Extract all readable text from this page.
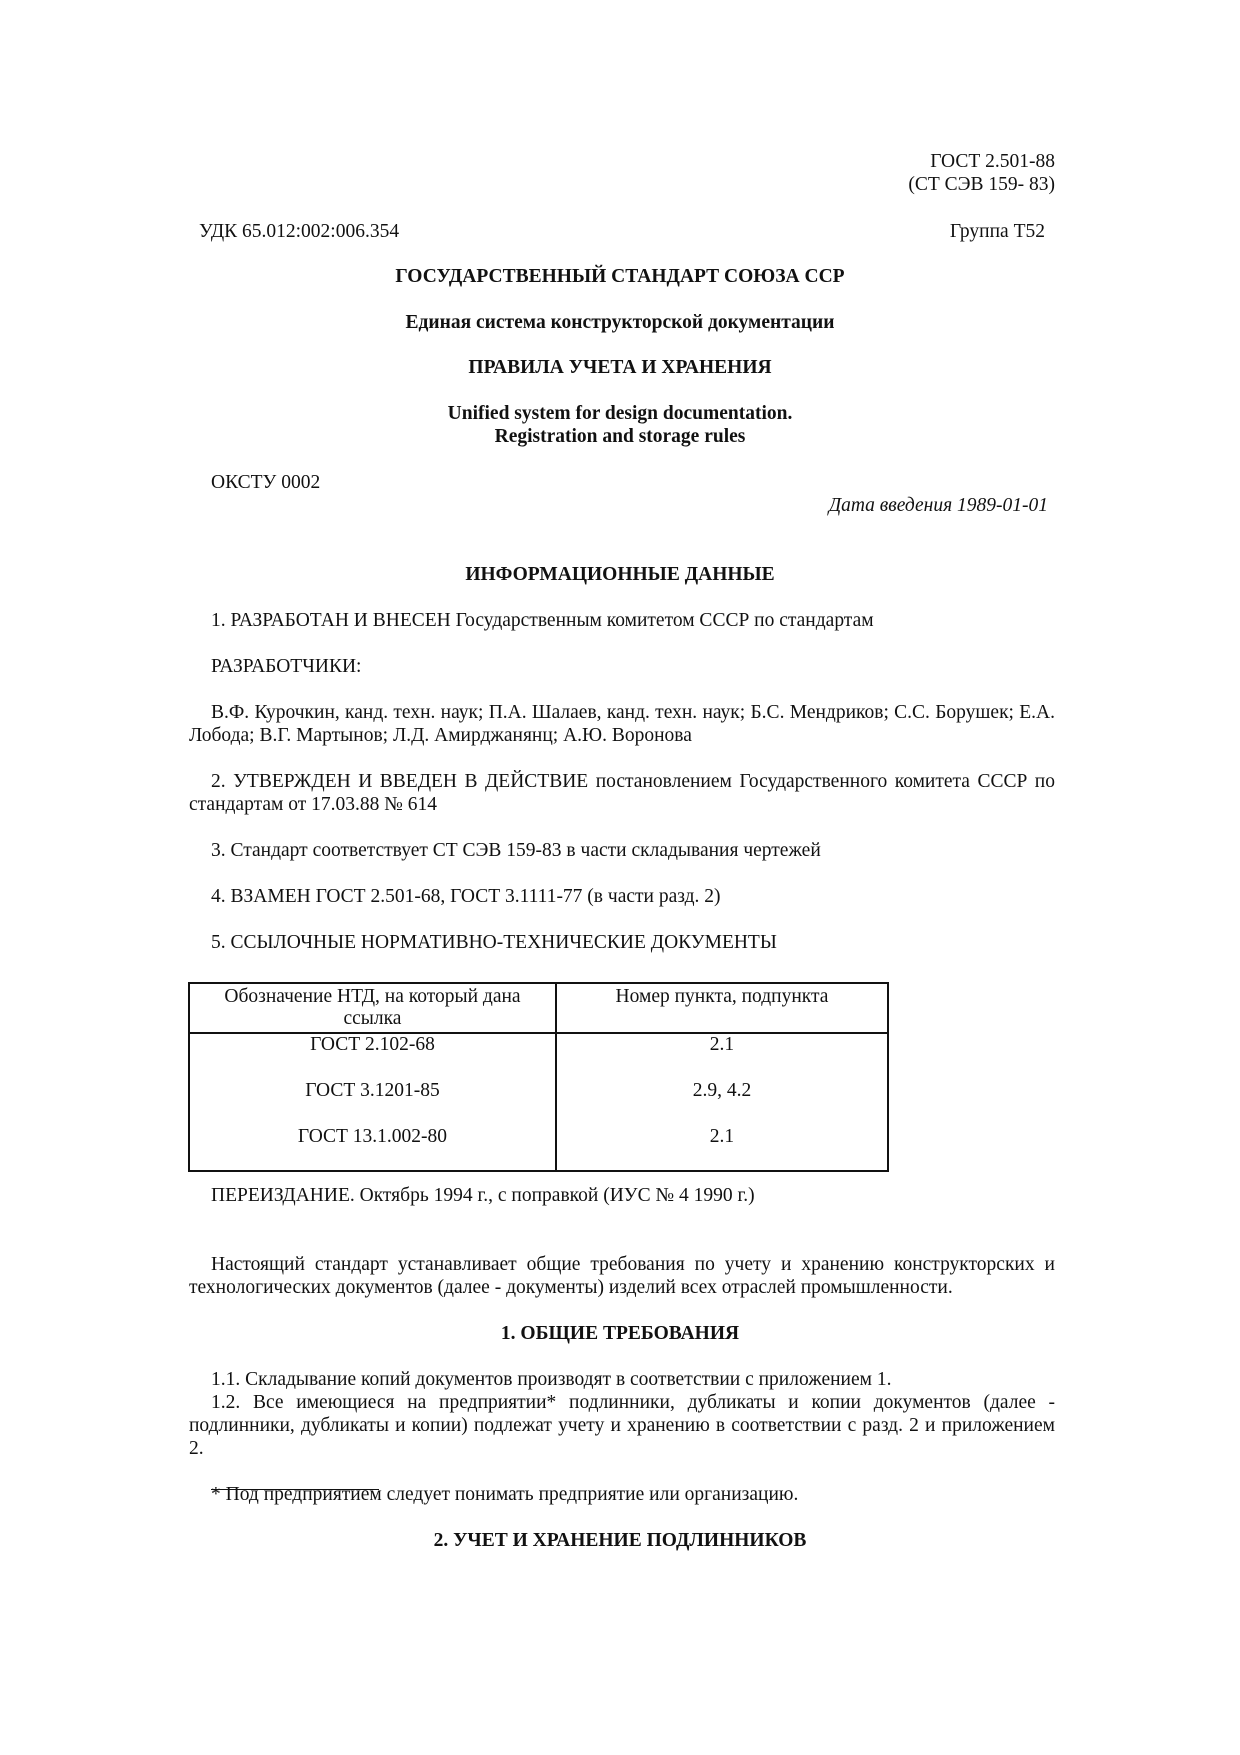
ГОСТ 2.501-88
(СТ СЭВ 159- 83)
УДК 65.012:002:006.354	Группа Т52
ГОСУДАРСТВЕННЫЙ СТАНДАРТ СОЮЗА ССР
Единая система конструкторской документации
ПРАВИЛА УЧЕТА И ХРАНЕНИЯ
Unified system for design documentation.
Registration and storage rules
ОКСТУ 0002
Дата введения 1989-01-01
ИНФОРМАЦИОННЫЕ ДАННЫЕ
1. РАЗРАБОТАН И ВНЕСЕН Государственным комитетом СССР по стандартам
РАЗРАБОТЧИКИ:
В.Ф. Курочкин, канд. техн. наук; П.А. Шалаев, канд. техн. наук; Б.С. Мендриков; С.С. Борушек; Е.А. Лобода; В.Г. Мартынов; Л.Д. Амирджанянц; А.Ю. Воронова
2. УТВЕРЖДЕН И ВВЕДЕН В ДЕЙСТВИЕ постановлением Государственного комитета СССР по стандартам от 17.03.88 № 614
3. Стандарт соответствует СТ СЭВ 159-83 в части складывания чертежей
4. ВЗАМЕН ГОСТ 2.501-68, ГОСТ 3.1111-77 (в части разд. 2)
5. ССЫЛОЧНЫЕ НОРМАТИВНО-ТЕХНИЧЕСКИЕ ДОКУМЕНТЫ
Обозначение НТД, на который дана ссылка	Номер пункта, подпункта
ГОСТ 2.102-68	2.1
ГОСТ 3.1201-85	2.9, 4.2
ГОСТ 13.1.002-80	2.1
ПЕРЕИЗДАНИЕ. Октябрь 1994 г., с поправкой (ИУС № 4 1990 г.)
Настоящий стандарт устанавливает общие требования по учету и хранению конструкторских и технологических документов (далее - документы) изделий всех отраслей промышленности.
1. ОБЩИЕ ТРЕБОВАНИЯ
1.1. Складывание копий документов производят в соответствии с приложением 1.
1.2. Все имеющиеся на предприятии* подлинники, дубликаты и копии документов (далее - подлинники, дубликаты и копии) подлежат учету и хранению в соответствии с разд. 2 и приложением 2.
* Под предприятием следует понимать предприятие или организацию.
2. УЧЕТ И ХРАНЕНИЕ ПОДЛИННИКОВ
